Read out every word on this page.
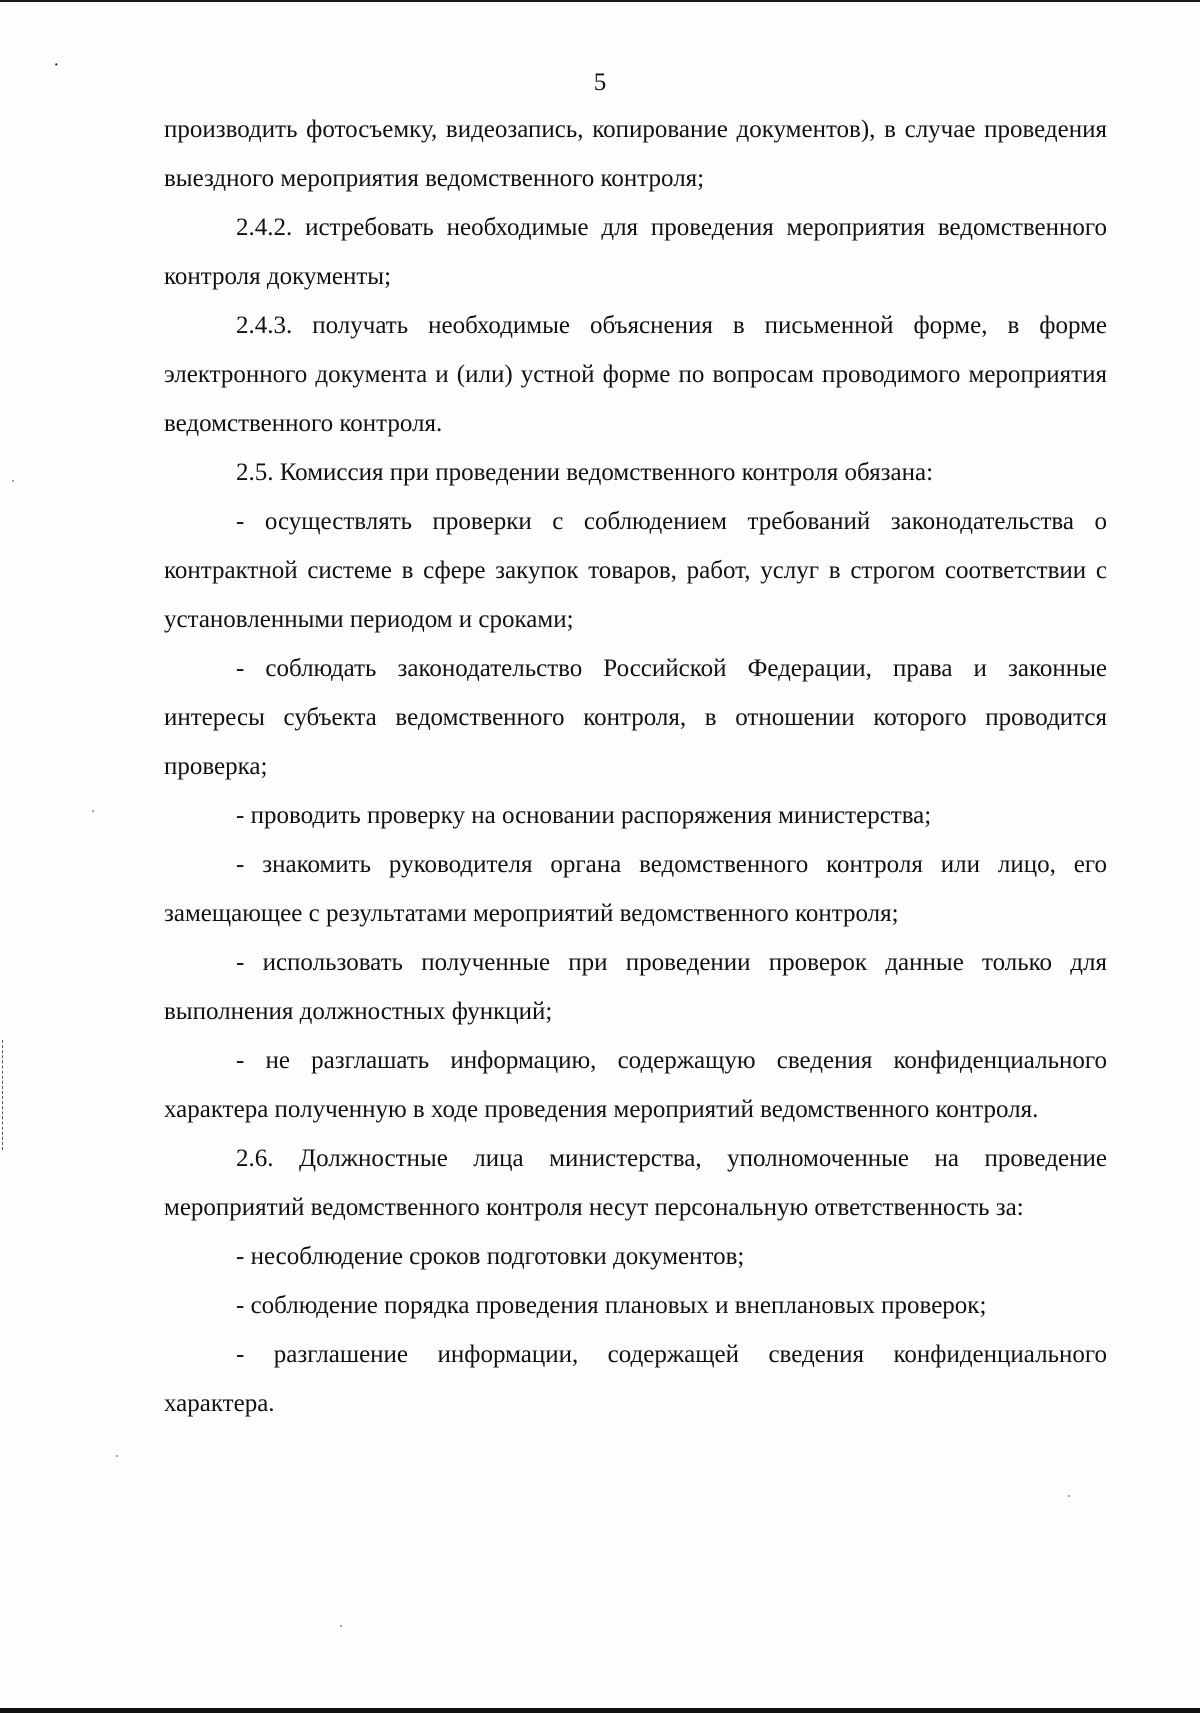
·
5

производить фотосъемку, видеозапись, копирование документов), в случае проведения выездного мероприятия ведомственного контроля;

2.4.2. истребовать необходимые для проведения мероприятия ведомственного контроля документы;

2.4.3. получать необходимые объяснения в письменной форме, в форме электронного документа и (или) устной форме по вопросам проводимого мероприятия ведомственного контроля.

2.5. Комиссия при проведении ведомственного контроля обязана:

- осуществлять проверки с соблюдением требований законодательства о контрактной системе в сфере закупок товаров, работ, услуг в строгом соответствии с установленными периодом и сроками;

- соблюдать законодательство Российской Федерации, права и законные интересы субъекта ведомственного контроля, в отношении которого проводится проверка;

- проводить проверку на основании распоряжения министерства;

- знакомить руководителя органа ведомственного контроля или лицо, его замещающее с результатами мероприятий ведомственного контроля;

- использовать полученные при проведении проверок данные только для выполнения должностных функций;

- не разглашать информацию, содержащую сведения конфиденциального характера полученную в ходе проведения мероприятий ведомственного контроля.

2.6. Должностные лица министерства, уполномоченные на проведение мероприятий ведомственного контроля несут персональную ответственность за:

- несоблюдение сроков подготовки документов;

- соблюдение порядка проведения плановых и внеплановых проверок;

- разглашение информации, содержащей сведения конфиденциального характера.
